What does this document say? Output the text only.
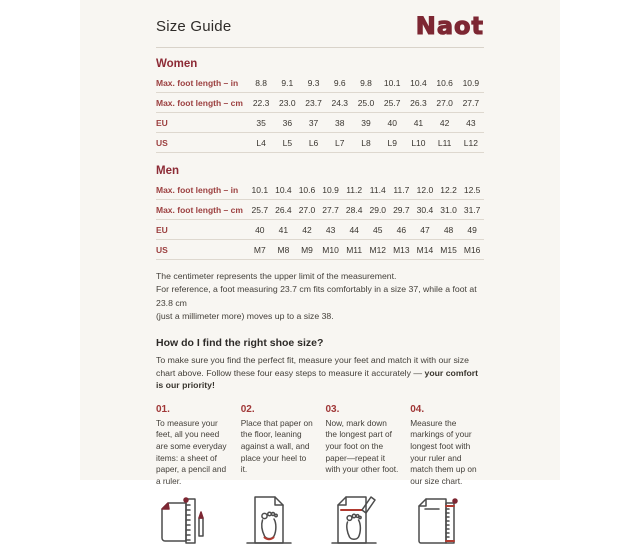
Size Guide	Naot
Women
Max. foot length – in	8.8	9.1	9.3	9.6	9.8	10.1	10.4	10.6	10.9
Max. foot length – cm	22.3	23.0	23.7	24.3	25.0	25.7	26.3	27.0	27.7
EU	35	36	37	38	39	40	41	42	43
US	L4	L5	L6	L7	L8	L9	L10	L11	L12
Men
Max. foot length – in	10.1 10.4 10.6 10.9 11.2 11.4 11.7 12.0 12.2 12.5
Max. foot length – cm	25.7 26.4 27.0 27.7 28.4 29.0 29.7 30.4 31.0 31.7
EU	40	41	42	43	44	45	46	47	48	49
US	M7	M8	M9	M10 M11 M12 M13 M14 M15 M16
The centimeter represents the upper limit of the measurement.
For reference, a foot measuring 23.7 cm fits comfortably in a size 37, while a foot at 23.8 cm
(just a millimeter more) moves up to a size 38.
How do I find the right shoe size?
To make sure you find the perfect fit, measure your feet and match it with our size chart above. Follow these four easy steps to measure it accurately — your comfort is our priority!
01.
To measure your feet, all you need are some everyday items: a sheet of paper, a pencil and a ruler.
02.
Place that paper on the floor, leaning against a wall, and place your heel to it.
03.
Now, mark down the longest part of your foot on the paper—repeat it with your other foot.
04.
Measure the markings of your longest foot with your ruler and match them up on our size chart.
